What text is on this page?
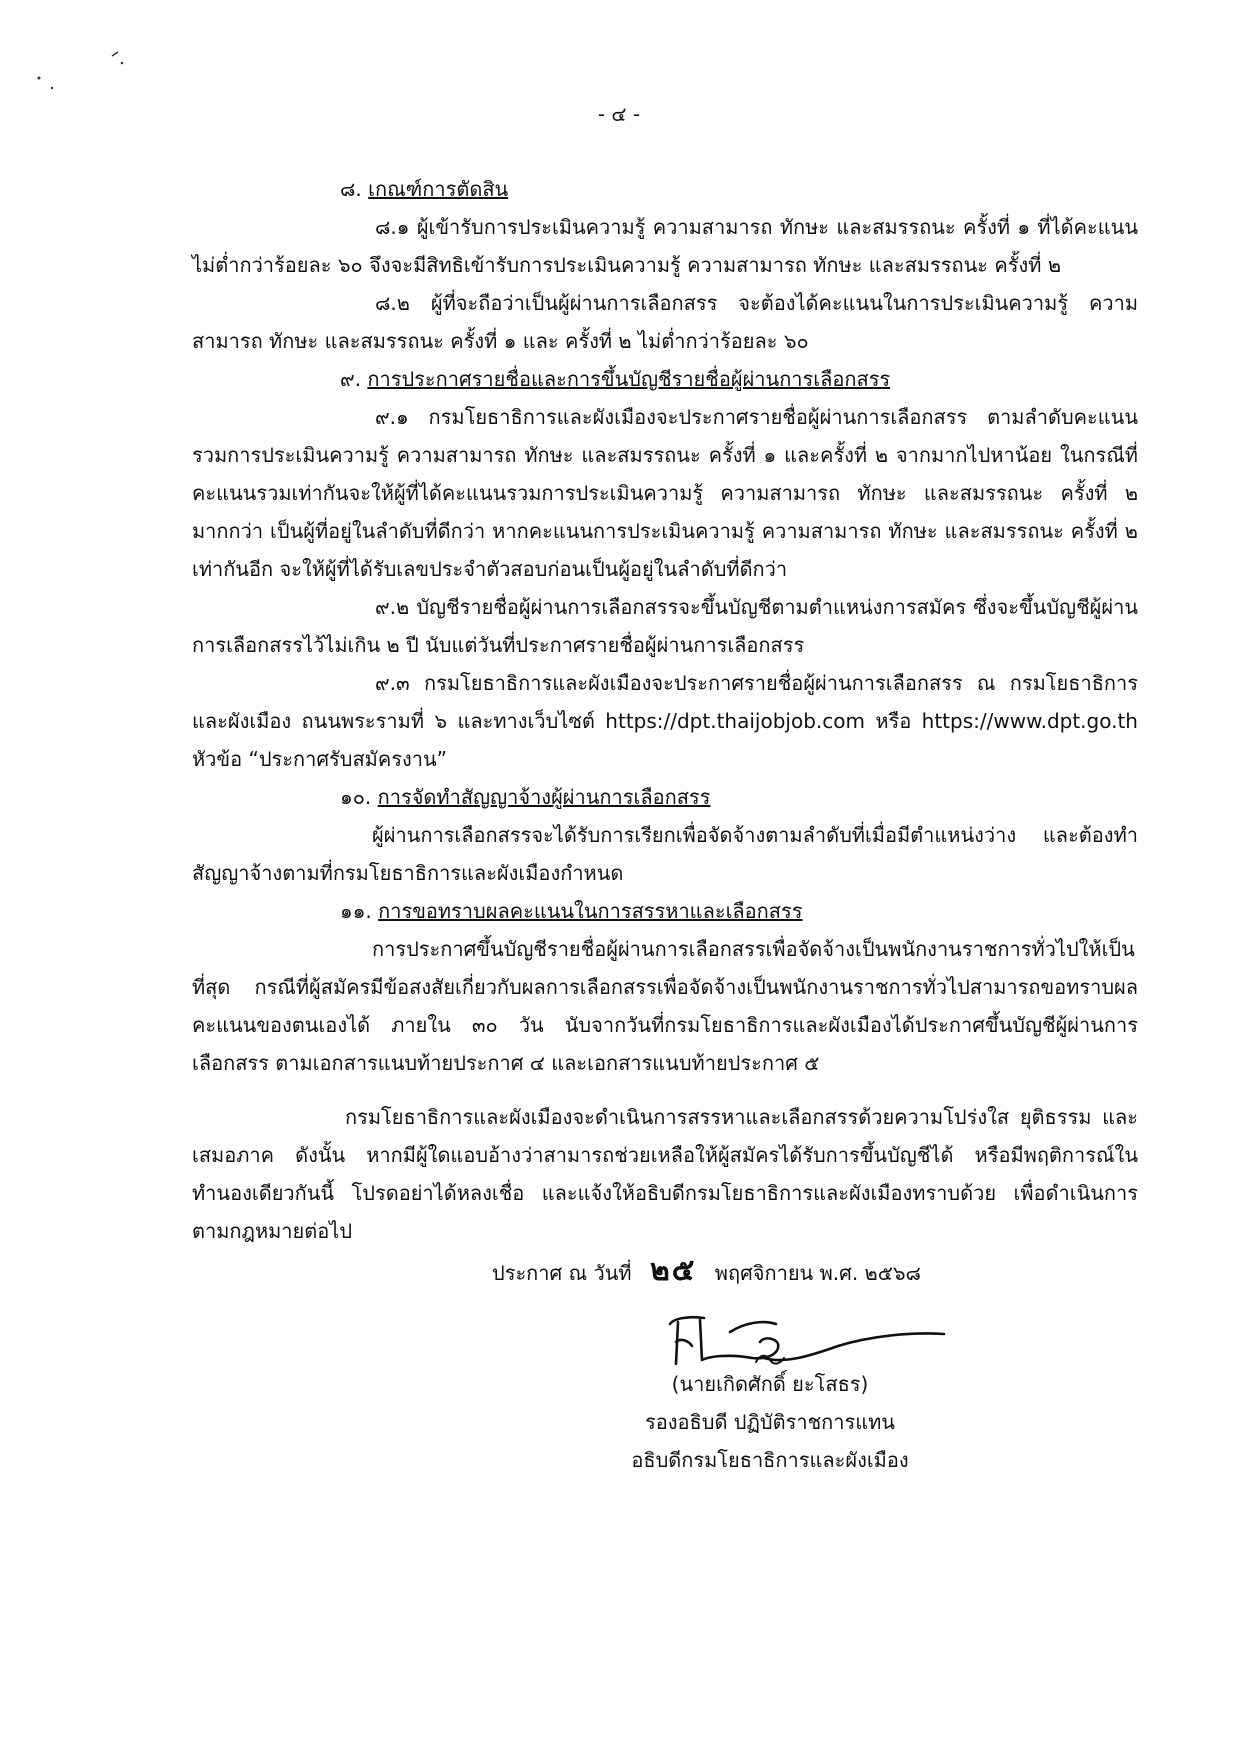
- ๔ -
๘. เกณฑ์การตัดสิน

๘.๑ ผู้เข้ารับการประเมินความรู้ ความสามารถ ทักษะ และสมรรถนะ ครั้งที่ ๑ ที่ได้คะแนนไม่ต่ำกว่าร้อยละ ๖๐ จึงจะมีสิทธิเข้ารับการประเมินความรู้ ความสามารถ ทักษะ และสมรรถนะ ครั้งที่ ๒

๘.๒ ผู้ที่จะถือว่าเป็นผู้ผ่านการเลือกสรร จะต้องได้คะแนนในการประเมินความรู้ ความสามารถ ทักษะ และสมรรถนะ ครั้งที่ ๑ และ ครั้งที่ ๒ ไม่ต่ำกว่าร้อยละ ๖๐

๙. การประกาศรายชื่อและการขึ้นบัญชีรายชื่อผู้ผ่านการเลือกสรร

๙.๑ กรมโยธาธิการและผังเมืองจะประกาศรายชื่อผู้ผ่านการเลือกสรร ตามลำดับคะแนนรวมการประเมินความรู้ ความสามารถ ทักษะ และสมรรถนะ ครั้งที่ ๑ และครั้งที่ ๒ จากมากไปหาน้อย ในกรณีที่คะแนนรวมเท่ากันจะให้ผู้ที่ได้คะแนนรวมการประเมินความรู้ ความสามารถ ทักษะ และสมรรถนะ ครั้งที่ ๒ มากกว่า เป็นผู้ที่อยู่ในลำดับที่ดีกว่า หากคะแนนการประเมินความรู้ ความสามารถ ทักษะ และสมรรถนะ ครั้งที่ ๒ เท่ากันอีก จะให้ผู้ที่ได้รับเลขประจำตัวสอบก่อนเป็นผู้อยู่ในลำดับที่ดีกว่า

๙.๒ บัญชีรายชื่อผู้ผ่านการเลือกสรรจะขึ้นบัญชีตามตำแหน่งการสมัคร ซึ่งจะขึ้นบัญชีผู้ผ่านการเลือกสรรไว้ไม่เกิน ๒ ปี นับแต่วันที่ประกาศรายชื่อผู้ผ่านการเลือกสรร

๙.๓ กรมโยธาธิการและผังเมืองจะประกาศรายชื่อผู้ผ่านการเลือกสรร ณ กรมโยธาธิการและผังเมือง ถนนพระรามที่ ๖ และทางเว็บไซต์ https://dpt.thaijobjob.com หรือ https://www.dpt.go.th หัวข้อ “ประกาศรับสมัครงาน”

๑๐. การจัดทำสัญญาจ้างผู้ผ่านการเลือกสรร

ผู้ผ่านการเลือกสรรจะได้รับการเรียกเพื่อจัดจ้างตามลำดับที่เมื่อมีตำแหน่งว่าง และต้องทำสัญญาจ้างตามที่กรมโยธาธิการและผังเมืองกำหนด

๑๑. การขอทราบผลคะแนนในการสรรหาและเลือกสรร

การประกาศขึ้นบัญชีรายชื่อผู้ผ่านการเลือกสรรเพื่อจัดจ้างเป็นพนักงานราชการทั่วไปให้เป็นที่สุด กรณีที่ผู้สมัครมีข้อสงสัยเกี่ยวกับผลการเลือกสรรเพื่อจัดจ้างเป็นพนักงานราชการทั่วไปสามารถขอทราบผลคะแนนของตนเองได้ ภายใน ๓๐ วัน นับจากวันที่กรมโยธาธิการและผังเมืองได้ประกาศขึ้นบัญชีผู้ผ่านการเลือกสรร ตามเอกสารแนบท้ายประกาศ ๔ และเอกสารแนบท้ายประกาศ ๕

กรมโยธาธิการและผังเมืองจะดำเนินการสรรหาและเลือกสรรด้วยความโปร่งใส ยุติธรรม และเสมอภาค ดังนั้น หากมีผู้ใดแอบอ้างว่าสามารถช่วยเหลือให้ผู้สมัครได้รับการขึ้นบัญชีได้ หรือมีพฤติการณ์ในทำนองเดียวกันนี้ โปรดอย่าได้หลงเชื่อ และแจ้งให้อธิบดีกรมโยธาธิการและผังเมืองทราบด้วย เพื่อดำเนินการตามกฎหมายต่อไป

ประกาศ ณ วันที่ ๒๕ พฤศจิกายน พ.ศ. ๒๕๖๘
(นายเกิดศักดิ์ ยะโสธร)
รองอธิบดี ปฏิบัติราชการแทน
อธิบดีกรมโยธาธิการและผังเมือง
